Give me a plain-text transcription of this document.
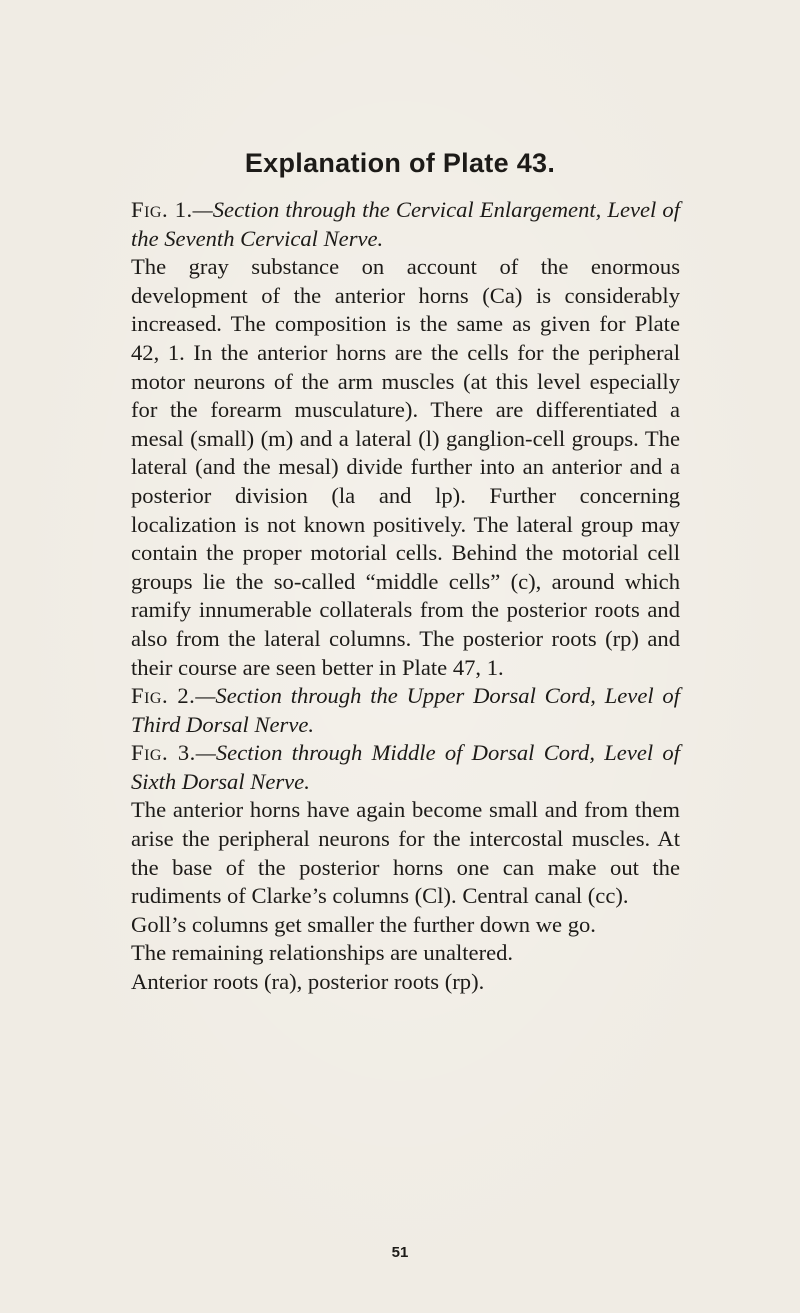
Explanation of Plate 43.

Fig. 1.—Section through the Cervical Enlargement, Level of the Seventh Cervical Nerve.

The gray substance on account of the enormous development of the anterior horns (Ca) is considerably increased. The composition is the same as given for Plate 42, 1. In the anterior horns are the cells for the peripheral motor neurons of the arm muscles (at this level especially for the forearm musculature). There are differentiated a mesal (small) (m) and a lateral (l) ganglion-cell groups. The lateral (and the mesal) divide further into an anterior and a posterior division (la and lp). Further concerning localization is not known positively. The lateral group may contain the proper motorial cells. Behind the motorial cell groups lie the so-called “middle cells” (c), around which ramify innumerable collaterals from the posterior roots and also from the lateral columns. The posterior roots (rp) and their course are seen better in Plate 47, 1.

Fig. 2.—Section through the Upper Dorsal Cord, Level of Third Dorsal Nerve.

Fig. 3.—Section through Middle of Dorsal Cord, Level of Sixth Dorsal Nerve.

The anterior horns have again become small and from them arise the peripheral neurons for the intercostal muscles. At the base of the posterior horns one can make out the rudiments of Clarke’s columns (Cl). Central canal (cc).

Goll’s columns get smaller the further down we go.

The remaining relationships are unaltered.

Anterior roots (ra), posterior roots (rp).

51
